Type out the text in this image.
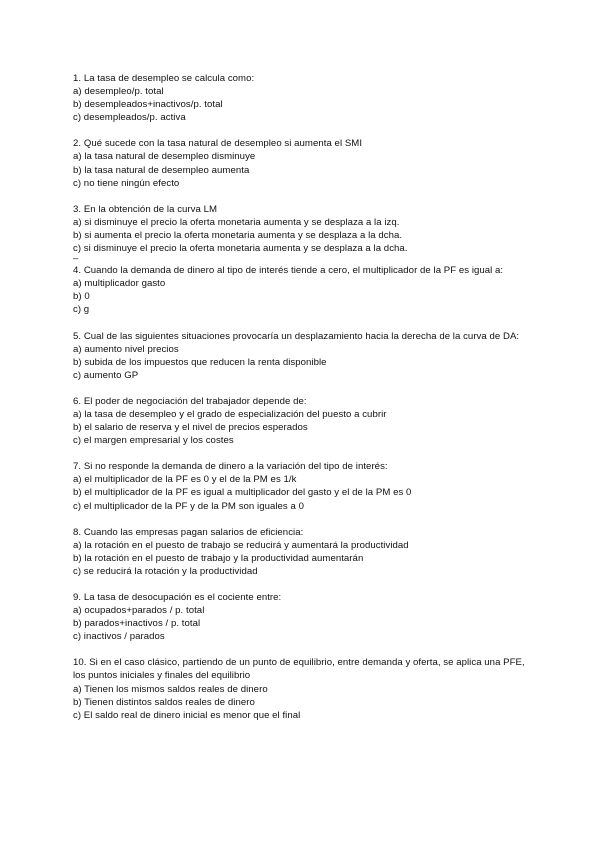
1. La tasa de desempleo se calcula como:
a) desempleo/p. total
b) desempleados+inactivos/p. total
c) desempleados/p. activa
2. Qué sucede con la tasa natural de desempleo si aumenta el SMI
a) la tasa natural de desempleo disminuye
b) la tasa natural de desempleo aumenta
c) no tiene ningún efecto
3. En la obtención de la curva LM
a) si disminuye el precio la oferta monetaria aumenta y se desplaza a la izq.
b) si aumenta el precio la oferta monetaria aumenta y se desplaza a la dcha.
c) si disminuye el precio la oferta monetaria aumenta y se desplaza a la dcha.
–
4. Cuando la demanda de dinero al tipo de interés tiende a cero, el multiplicador de la PF es igual a:
a) multiplicador gasto
b) 0
c) g
5. Cual de las siguientes situaciones provocaría un desplazamiento hacia la derecha de la curva de DA:
a) aumento nivel precios
b) subida de los impuestos que reducen la renta disponible
c) aumento GP
6. El poder de negociación del trabajador depende de:
a) la tasa de desempleo y el grado de especialización del puesto a cubrir
b) el salario de reserva y el nivel de precios esperados
c) el margen empresarial y los costes
7. Si no responde la demanda de dinero a la variación del tipo de interés:
a) el multiplicador de la PF es 0 y el de la PM es 1/k
b) el multiplicador de la PF es igual a multiplicador del gasto y el de la PM es 0
c) el multiplicador de la PF y de la PM son iguales a 0
8. Cuando las empresas pagan salarios de eficiencia:
a) la rotación en el puesto de trabajo se reducirá y aumentará la productividad
b) la rotación en el puesto de trabajo y la productividad aumentarán
c) se reducirá la rotación y la productividad
9. La tasa de desocupación es el cociente entre:
a) ocupados+parados / p. total
b) parados+inactivos / p. total
c) inactivos / parados
10. Si en el caso clásico, partiendo de un punto de equilibrio, entre demanda y oferta, se aplica una PFE, los puntos iniciales y finales del equilibrio
a) Tienen los mismos saldos reales de dinero
b) Tienen distintos saldos reales de dinero
c) El saldo real de dinero inicial es menor que el final
